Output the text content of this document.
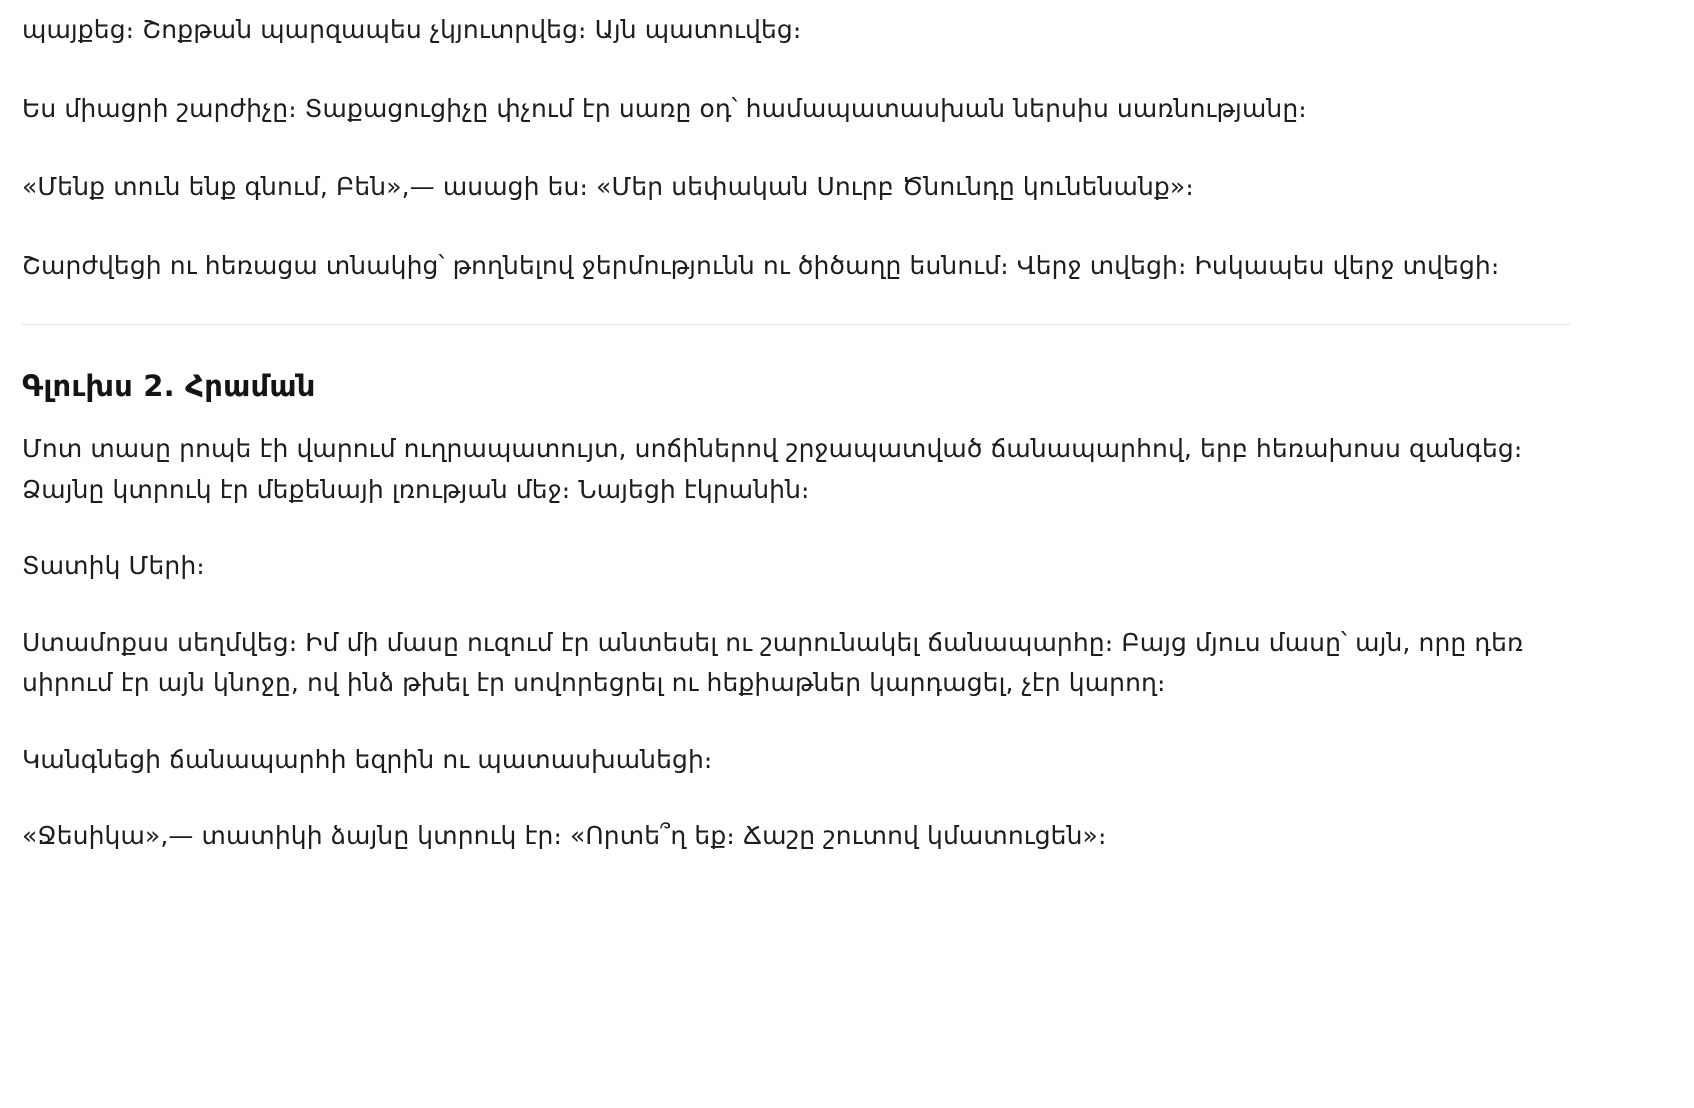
պայքեց։ Շոքթան պարզապես չկյուտրվեց։ Այն պատուվեց։

Ես միացրի շարժիչը։ Տաքացուցիչը փչում էր սառը օդ՝ համապատասխան ներսիս սառնությանը։

«Մենք տուն ենք գնում, Բեն»,— ասացի ես։ «Մեր սեփական Սուրբ Ծնունդը կունենանք»։

Շարժվեցի ու հեռացա տնակից՝ թողնելով ջերմությունն ու ծիծաղը եսնում։ Վերջ տվեցի։ Իսկապես վերջ տվեցի։

Գլուխս 2. Հրաման

Մոտ տասը րոպե էի վարում ուղրապատույտ, սոճիներով շրջապատված ճանապարհով, երբ հեռախոսս զանգեց։ Ձայնը կտրուկ էր մեքենայի լռության մեջ։ Նայեցի էկրանին։

Տատիկ Մերի։

Ստամոքսս սեղմվեց։ Իմ մի մասը ուզում էր անտեսել ու շարունակել ճանապարհը։ Բայց մյուս մասը՝ այն, որը դեռ սիրում էր այն կնոջը, ով ինձ թխել էր սովորեցրել ու հեքիաթներ կարդացել, չէր կարող։

Կանգնեցի ճանապարհի եզրին ու պատասխանեցի։

«Ջեսիկա»,— տատիկի ձայնը կտրուկ էր։ «Որտե՞ղ եք։ Ճաշը շուտով կմատուցեն»։
